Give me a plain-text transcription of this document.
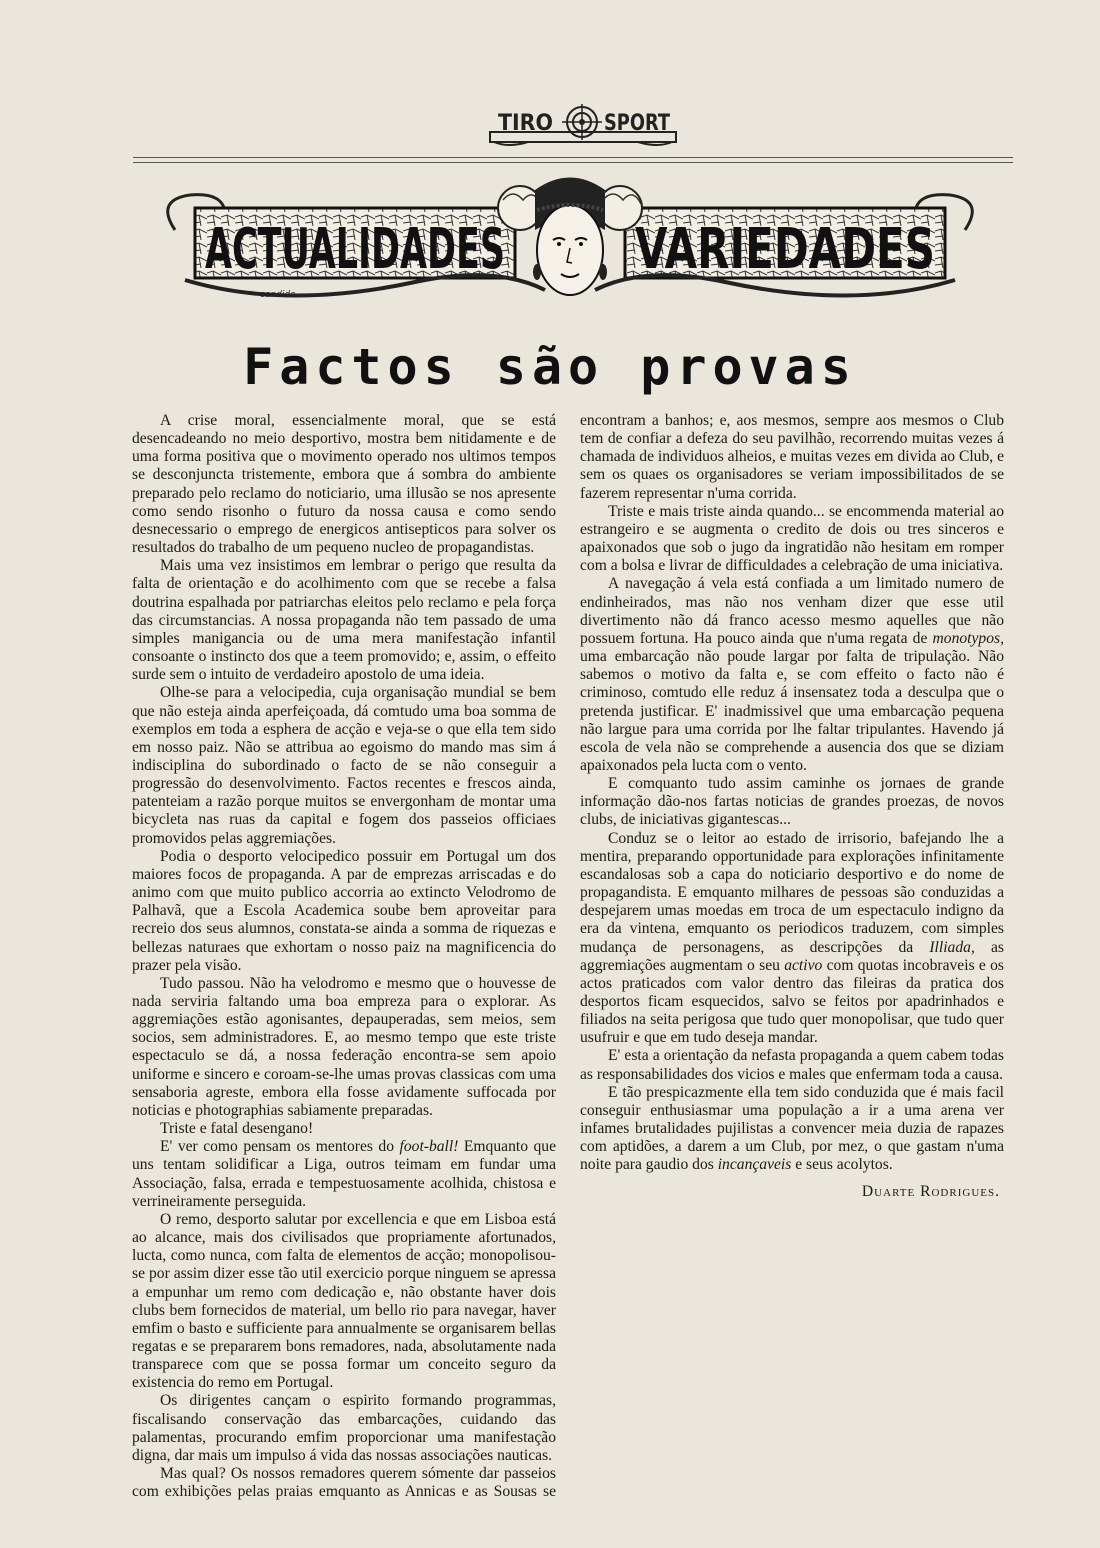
TIRO SPORT
ACTUALIDADES VARIEDADES
candido
Factos são provas

A crise moral, essencialmente moral, que se está desencadeando no meio desportivo, mostra bem nitidamente e de uma forma positiva que o movimento operado nos ultimos tempos se desconjuncta tristemente, embora que á sombra do ambiente preparado pelo reclamo do noticiario, uma illusão se nos apresente como sendo risonho o futuro da nossa causa e como sendo desnecessario o emprego de energicos antisepticos para solver os resultados do trabalho de um pequeno nucleo de propagandistas.

Mais uma vez insistimos em lembrar o perigo que resulta da falta de orientação e do acolhimento com que se recebe a falsa doutrina espalhada por patriarchas eleitos pelo reclamo e pela força das circumstancias. A nossa propaganda não tem passado de uma simples manigancia ou de uma mera manifestação infantil consoante o instincto dos que a teem promovido; e, assim, o effeito surde sem o intuito de verdadeiro apostolo de uma ideia.

Olhe-se para a velocipedia, cuja organisação mundial se bem que não esteja ainda aperfeiçoada, dá comtudo uma boa somma de exemplos em toda a esphera de acção e veja-se o que ella tem sido em nosso paiz. Não se attribua ao egoismo do mando mas sim á indisciplina do subordinado o facto de se não conseguir a progressão do desenvolvimento. Factos recentes e frescos ainda, patenteiam a razão porque muitos se envergonham de montar uma bicycleta nas ruas da capital e fogem dos passeios officiaes promovidos pelas aggremiações.

Podia o desporto velocipedico possuir em Portugal um dos maiores focos de propaganda. A par de emprezas arriscadas e do animo com que muito publico accorria ao extincto Velodromo de Palhavã, que a Escola Academica soube bem aproveitar para recreio dos seus alumnos, constata-se ainda a somma de riquezas e bellezas naturaes que exhortam o nosso paiz na magnificencia do prazer pela visão.

Tudo passou. Não ha velodromo e mesmo que o houvesse de nada serviria faltando uma boa empreza para o explorar. As aggremiações estão agonisantes, depauperadas, sem meios, sem socios, sem administradores. E, ao mesmo tempo que este triste espectaculo se dá, a nossa federação encontra-se sem apoio uniforme e sincero e coroam-se-lhe umas provas classicas com uma sensaboria agreste, embora ella fosse avidamente suffocada por noticias e photographias sabiamente preparadas.

Triste e fatal desengano!

E' ver como pensam os mentores do foot-ball! Emquanto que uns tentam solidificar a Liga, outros teimam em fundar uma Associação, falsa, errada e tempestuosamente acolhida, chistosa e verrineiramente perseguida.

O remo, desporto salutar por excellencia e que em Lisboa está ao alcance, mais dos civilisados que propriamente afortunados, lucta, como nunca, com falta de elementos de acção; monopolisou-se por assim dizer esse tão util exercicio porque ninguem se apressa a empunhar um remo com dedicação e, não obstante haver dois clubs bem fornecidos de material, um bello rio para navegar, haver emfim o basto e sufficiente para annualmente se organisarem bellas regatas e se prepararem bons remadores, nada, absolutamente nada transparece com que se possa formar um conceito seguro da existencia do remo em Portugal.

Os dirigentes cançam o espirito formando programmas, fiscalisando conservação das embarcações, cuidando das palamentas, procurando emfim proporcionar uma manifestação digna, dar mais um impulso á vida das nossas associações nauticas.

Mas qual? Os nossos remadores querem sómente dar passeios com exhibições pelas praias emquanto as Annicas e as Sousas se encontram a banhos; e, aos mesmos, sempre aos mesmos o Club tem de confiar a defeza do seu pavilhão, recorrendo muitas vezes á chamada de individuos alheios, e muitas vezes em divida ao Club, e sem os quaes os organisadores se veriam impossibilitados de se fazerem representar n'uma corrida.

Triste e mais triste ainda quando... se encommenda material ao estrangeiro e se augmenta o credito de dois ou tres sinceros e apaixonados que sob o jugo da ingratidão não hesitam em romper com a bolsa e livrar de difficuldades a celebração de uma iniciativa.

A navegação á vela está confiada a um limitado numero de endinheirados, mas não nos venham dizer que esse util divertimento não dá franco acesso mesmo aquelles que não possuem fortuna. Ha pouco ainda que n'uma regata de monotypos, uma embarcação não poude largar por falta de tripulação. Não sabemos o motivo da falta e, se com effeito o facto não é criminoso, comtudo elle reduz á insensatez toda a desculpa que o pretenda justificar. E' inadmissivel que uma embarcação pequena não largue para uma corrida por lhe faltar tripulantes. Havendo já escola de vela não se comprehende a ausencia dos que se diziam apaixonados pela lucta com o vento.

E comquanto tudo assim caminhe os jornaes de grande informação dão-nos fartas noticias de grandes proezas, de novos clubs, de iniciativas gigantescas...

Conduz se o leitor ao estado de irrisorio, bafejando lhe a mentira, preparando opportunidade para explorações infinitamente escandalosas sob a capa do noticiario desportivo e do nome de propagandista. E emquanto milhares de pessoas são conduzidas a despejarem umas moedas em troca de um espectaculo indigno da era da vintena, emquanto os periodicos traduzem, com simples mudança de personagens, as descripções da Illiada, as aggremiações augmentam o seu activo com quotas incobraveis e os actos praticados com valor dentro das fileiras da pratica dos desportos ficam esquecidos, salvo se feitos por apadrinhados e filiados na seita perigosa que tudo quer monopolisar, que tudo quer usufruir e que em tudo deseja mandar.

E' esta a orientação da nefasta propaganda a quem cabem todas as responsabilidades dos vicios e males que enfermam toda a causa.

E tão prespicazmente ella tem sido conduzida que é mais facil conseguir enthusiasmar uma população a ir a uma arena ver infames brutalidades pujilistas a convencer meia duzia de rapazes com aptidões, a darem a um Club, por mez, o que gastam n'uma noite para gaudio dos incançaveis e seus acolytos.

Duarte Rodrigues.
